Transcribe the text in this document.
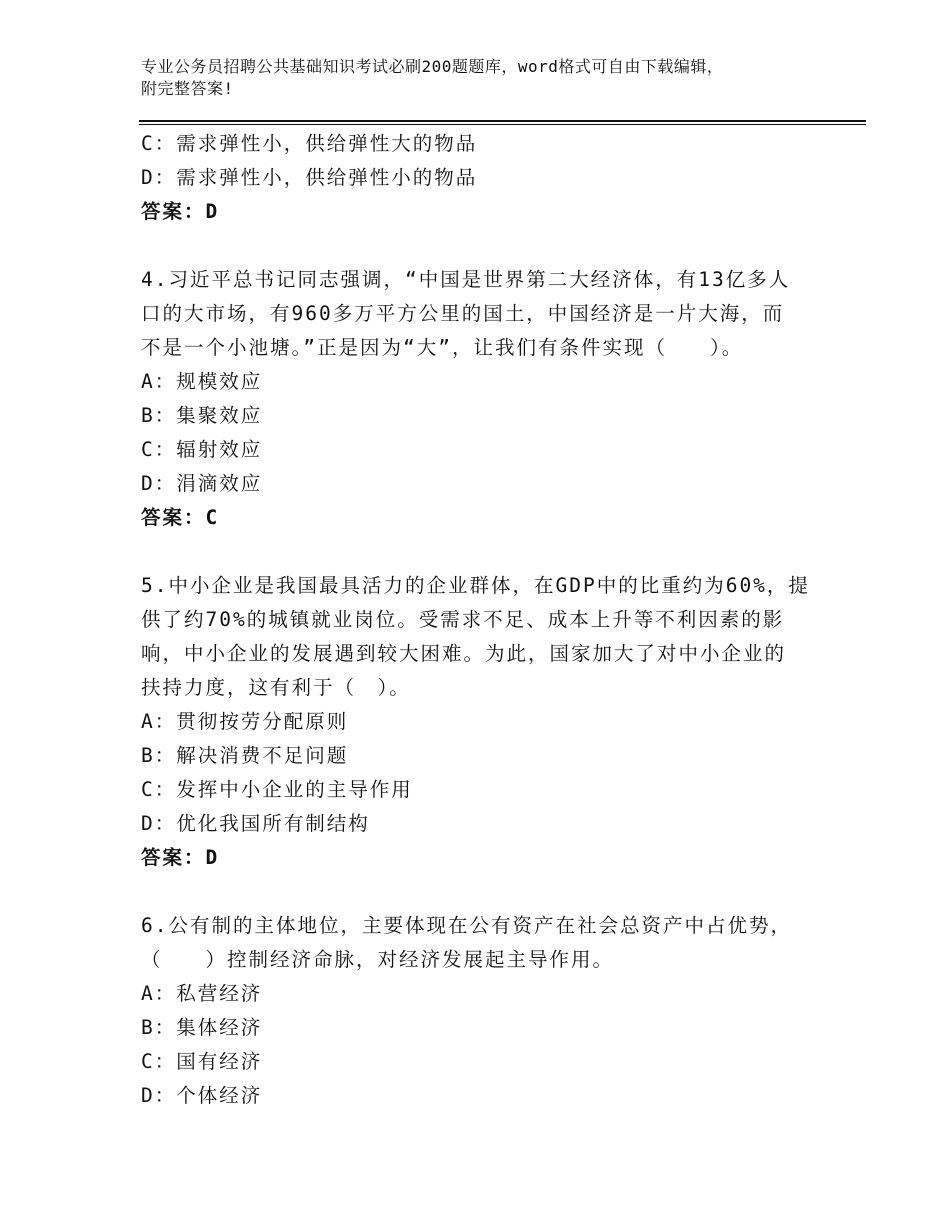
专业公务员招聘公共基础知识考试必刷200题题库，word格式可自由下载编辑，
附完整答案!
C：需求弹性小，供给弹性大的物品
D：需求弹性小，供给弹性小的物品
答案：D
4.习近平总书记同志强调，“中国是世界第二大经济体，有13亿多人
口的大市场，有960多万平方公里的国土，中国经济是一片大海，而
不是一个小池塘。”正是因为“大”，让我们有条件实现（　　）。
A：规模效应
B：集聚效应
C：辐射效应
D：涓滴效应
答案：C
5.中小企业是我国最具活力的企业群体，在GDP中的比重约为60%，提
供了约70%的城镇就业岗位。受需求不足、成本上升等不利因素的影
响，中小企业的发展遇到较大困难。为此，国家加大了对中小企业的
扶持力度，这有利于（　）。
A：贯彻按劳分配原则
B：解决消费不足问题
C：发挥中小企业的主导作用
D：优化我国所有制结构
答案：D
6.公有制的主体地位，主要体现在公有资产在社会总资产中占优势，
（　　）控制经济命脉，对经济发展起主导作用。
A：私营经济
B：集体经济
C：国有经济
D：个体经济
